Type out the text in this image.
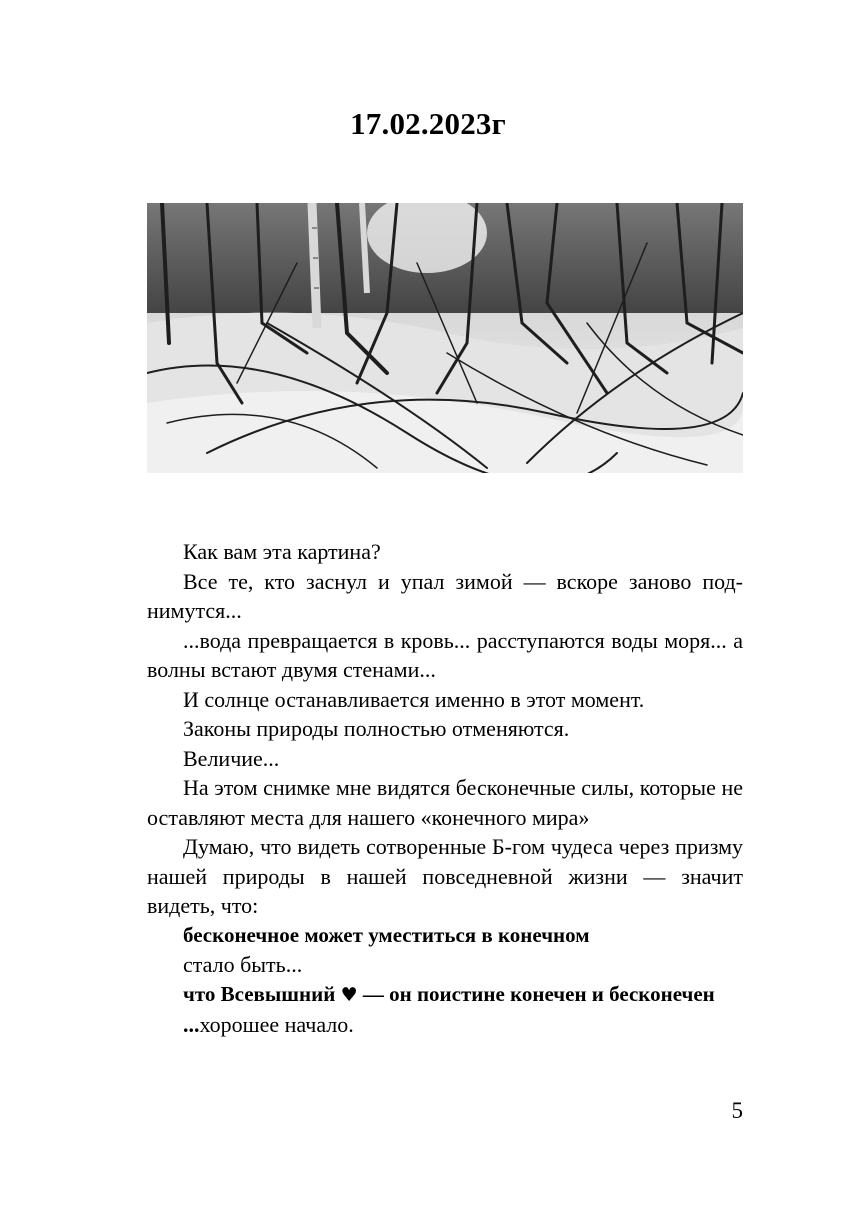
17.02.2023г

Как вам эта картина?

Все те, кто заснул и упал зимой — вскоре заново поднимутся...

...вода превращается в кровь... расступаются воды моря... а волны встают двумя стенами...

И солнце останавливается именно в этот момент.

Законы природы полностью отменяются.

Величие...

На этом снимке мне видятся бесконечные силы, которые не оставляют места для нашего «конечного мира»

Думаю, что видеть сотворенные Б-гом чудеса через призму нашей природы в нашей повседневной жизни — значит видеть, что:

бесконечное может уместиться в конечном

стало быть...

что Всевышний ♥ — он поистине конечен и бесконечен

...хорошее начало.

5
